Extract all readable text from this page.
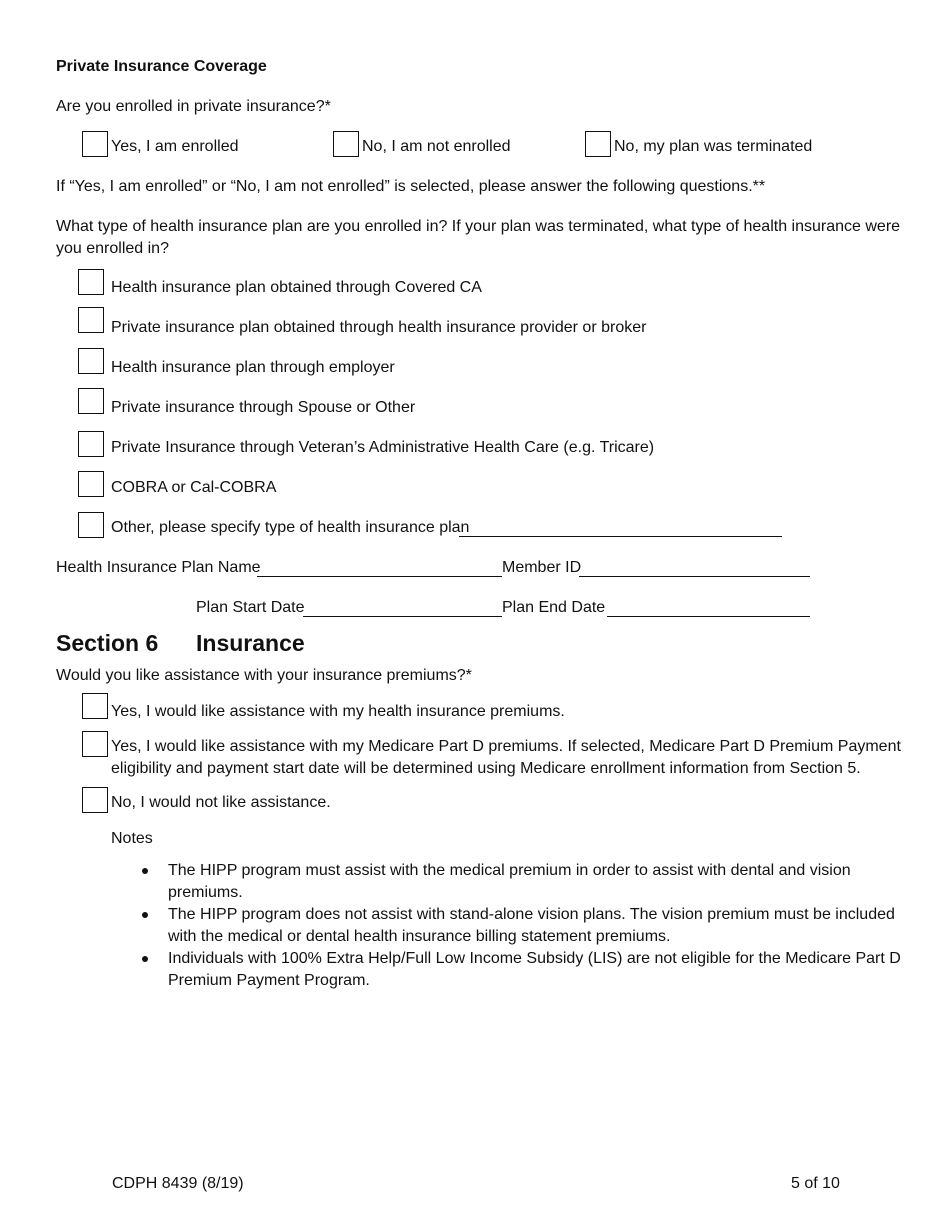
Private Insurance Coverage
Are you enrolled in private insurance?*
Yes, I am enrolled	No, I am not enrolled	No, my plan was terminated
If “Yes, I am enrolled” or “No, I am not enrolled” is selected, please answer the following questions.**
What type of health insurance plan are you enrolled in? If your plan was terminated, what type of health insurance were you enrolled in?
Health insurance plan obtained through Covered CA
Private insurance plan obtained through health insurance provider or broker
Health insurance plan through employer
Private insurance through Spouse or Other
Private Insurance through Veteran’s Administrative Health Care (e.g. Tricare)
COBRA or Cal-COBRA
Other, please specify type of health insurance plan
Health Insurance Plan Name	Member ID
Plan Start Date	Plan End Date
Section 6 Insurance
Would you like assistance with your insurance premiums?*
Yes, I would like assistance with my health insurance premiums.
Yes, I would like assistance with my Medicare Part D premiums. If selected, Medicare Part D Premium Payment eligibility and payment start date will be determined using Medicare enrollment information from Section 5.
No, I would not like assistance.
Notes
The HIPP program must assist with the medical premium in order to assist with dental and vision premiums.
The HIPP program does not assist with stand-alone vision plans. The vision premium must be included with the medical or dental health insurance billing statement premiums.
Individuals with 100% Extra Help/Full Low Income Subsidy (LIS) are not eligible for the Medicare Part D Premium Payment Program.
CDPH 8439 (8/19)	5 of 10
